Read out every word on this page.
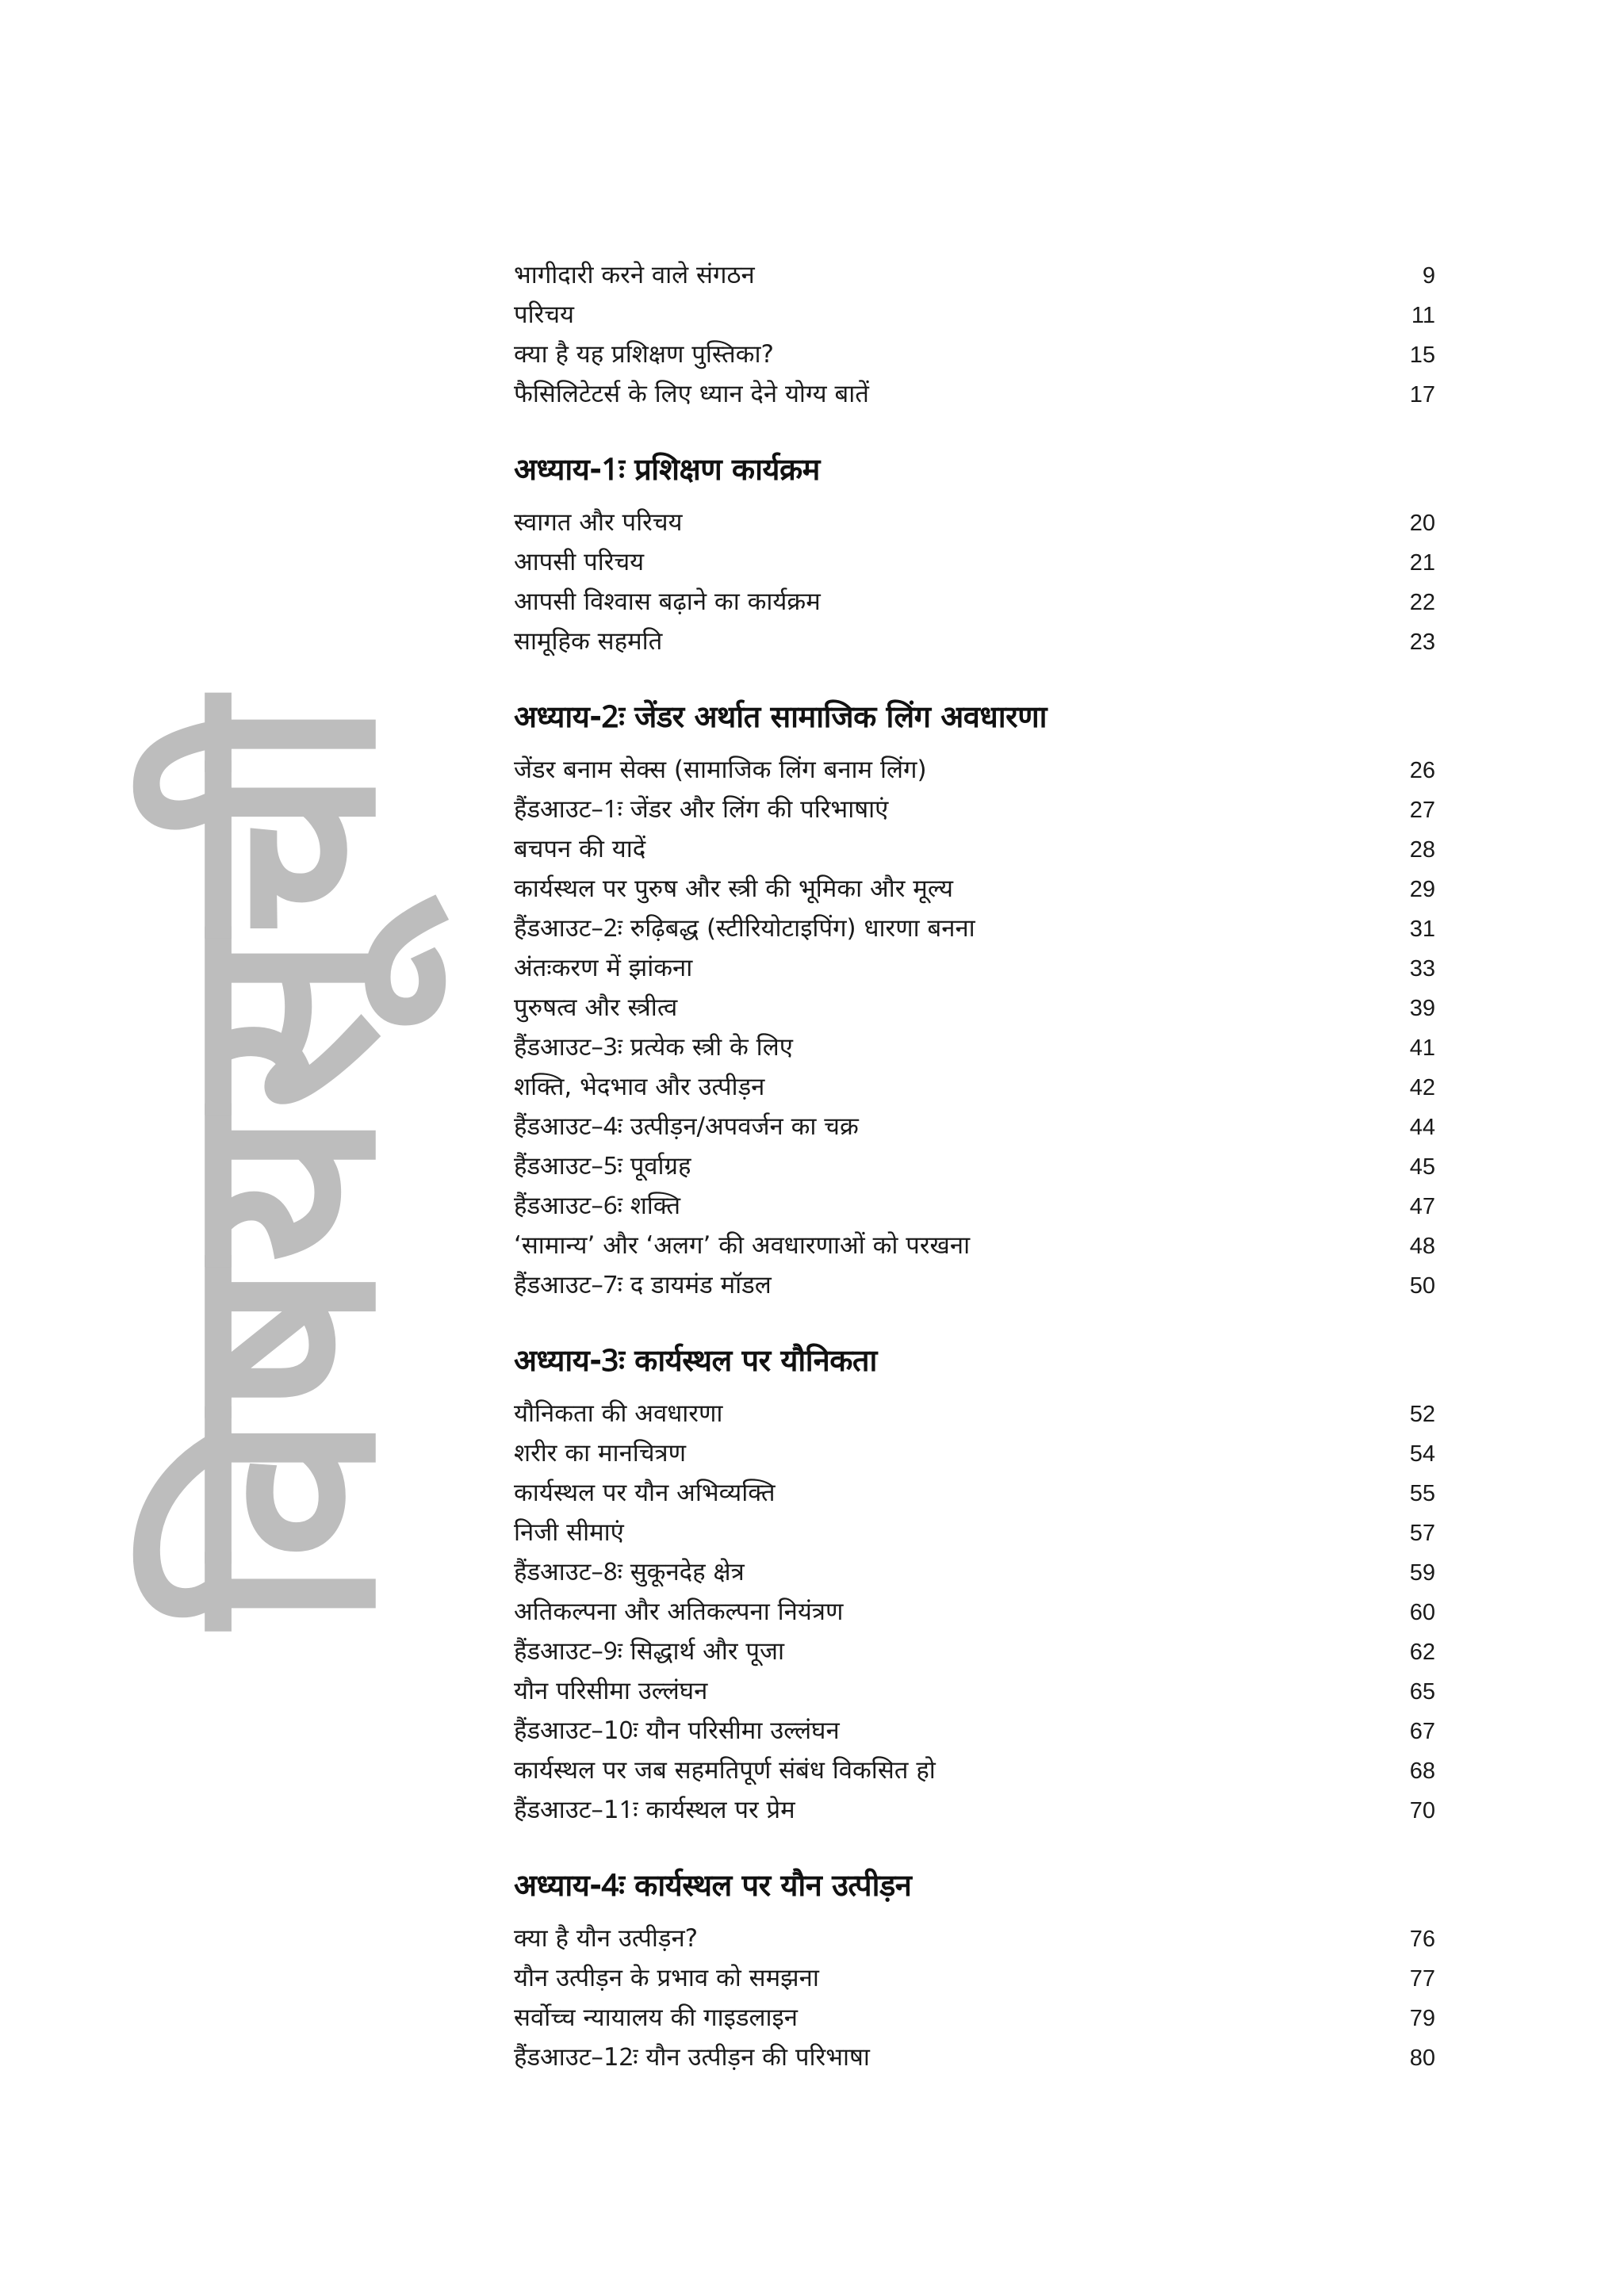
विषयसूची
भागीदारी करने वाले संगठन	9
परिचय	11
क्या है यह प्रशिक्षण पुस्तिका?	15
फैसिलिटेटर्स के लिए ध्यान देने योग्य बातें	17
अध्याय-1ः प्रशिक्षण कार्यक्रम
स्वागत और परिचय	20
आपसी परिचय	21
आपसी विश्वास बढ़ाने का कार्यक्रम	22
सामूहिक सहमति	23
अध्याय-2ः जेंडर अर्थात सामाजिक लिंग अवधारणा
जेंडर बनाम सेक्स (सामाजिक लिंग बनाम लिंग)	26
हैंडआउट–1ः जेंडर और लिंग की परिभाषाएं	27
बचपन की यादें	28
कार्यस्थल पर पुरुष और स्त्री की भूमिका और मूल्य	29
हैंडआउट–2ः रुढ़िबद्ध (स्टीरियोटाइपिंग) धारणा बनना	31
अंतःकरण में झांकना	33
पुरुषत्व और स्त्रीत्व	39
हैंडआउट–3ः प्रत्येक स्त्री के लिए	41
शक्ति, भेदभाव और उत्पीड़न	42
हैंडआउट–4ः उत्पीड़न/अपवर्जन का चक्र	44
हैंडआउट–5ः पूर्वाग्रह	45
हैंडआउट–6ः शक्ति	47
‘सामान्य’ और ‘अलग’ की अवधारणाओं को परखना	48
हैंडआउट–7ः द डायमंड मॉडल	50
अध्याय-3ः कार्यस्थल पर यौनिकता
यौनिकता की अवधारणा	52
शरीर का मानचित्रण	54
कार्यस्थल पर यौन अभिव्यक्ति	55
निजी सीमाएं	57
हैंडआउट–8ः सुकूनदेह क्षेत्र	59
अतिकल्पना और अतिकल्पना नियंत्रण	60
हैंडआउट–9ः सिद्धार्थ और पूजा	62
यौन परिसीमा उल्लंघन	65
हैंडआउट–10ः यौन परिसीमा उल्लंघन	67
कार्यस्थल पर जब सहमतिपूर्ण संबंध विकसित हो	68
हैंडआउट–11ः कार्यस्थल पर प्रेम	70
अध्याय-4ः कार्यस्थल पर यौन उत्पीड़न
क्या है यौन उत्पीड़न?	76
यौन उत्पीड़न के प्रभाव को समझना	77
सर्वोच्च न्यायालय की गाइडलाइन	79
हैंडआउट–12ः यौन उत्पीड़न की परिभाषा	80
